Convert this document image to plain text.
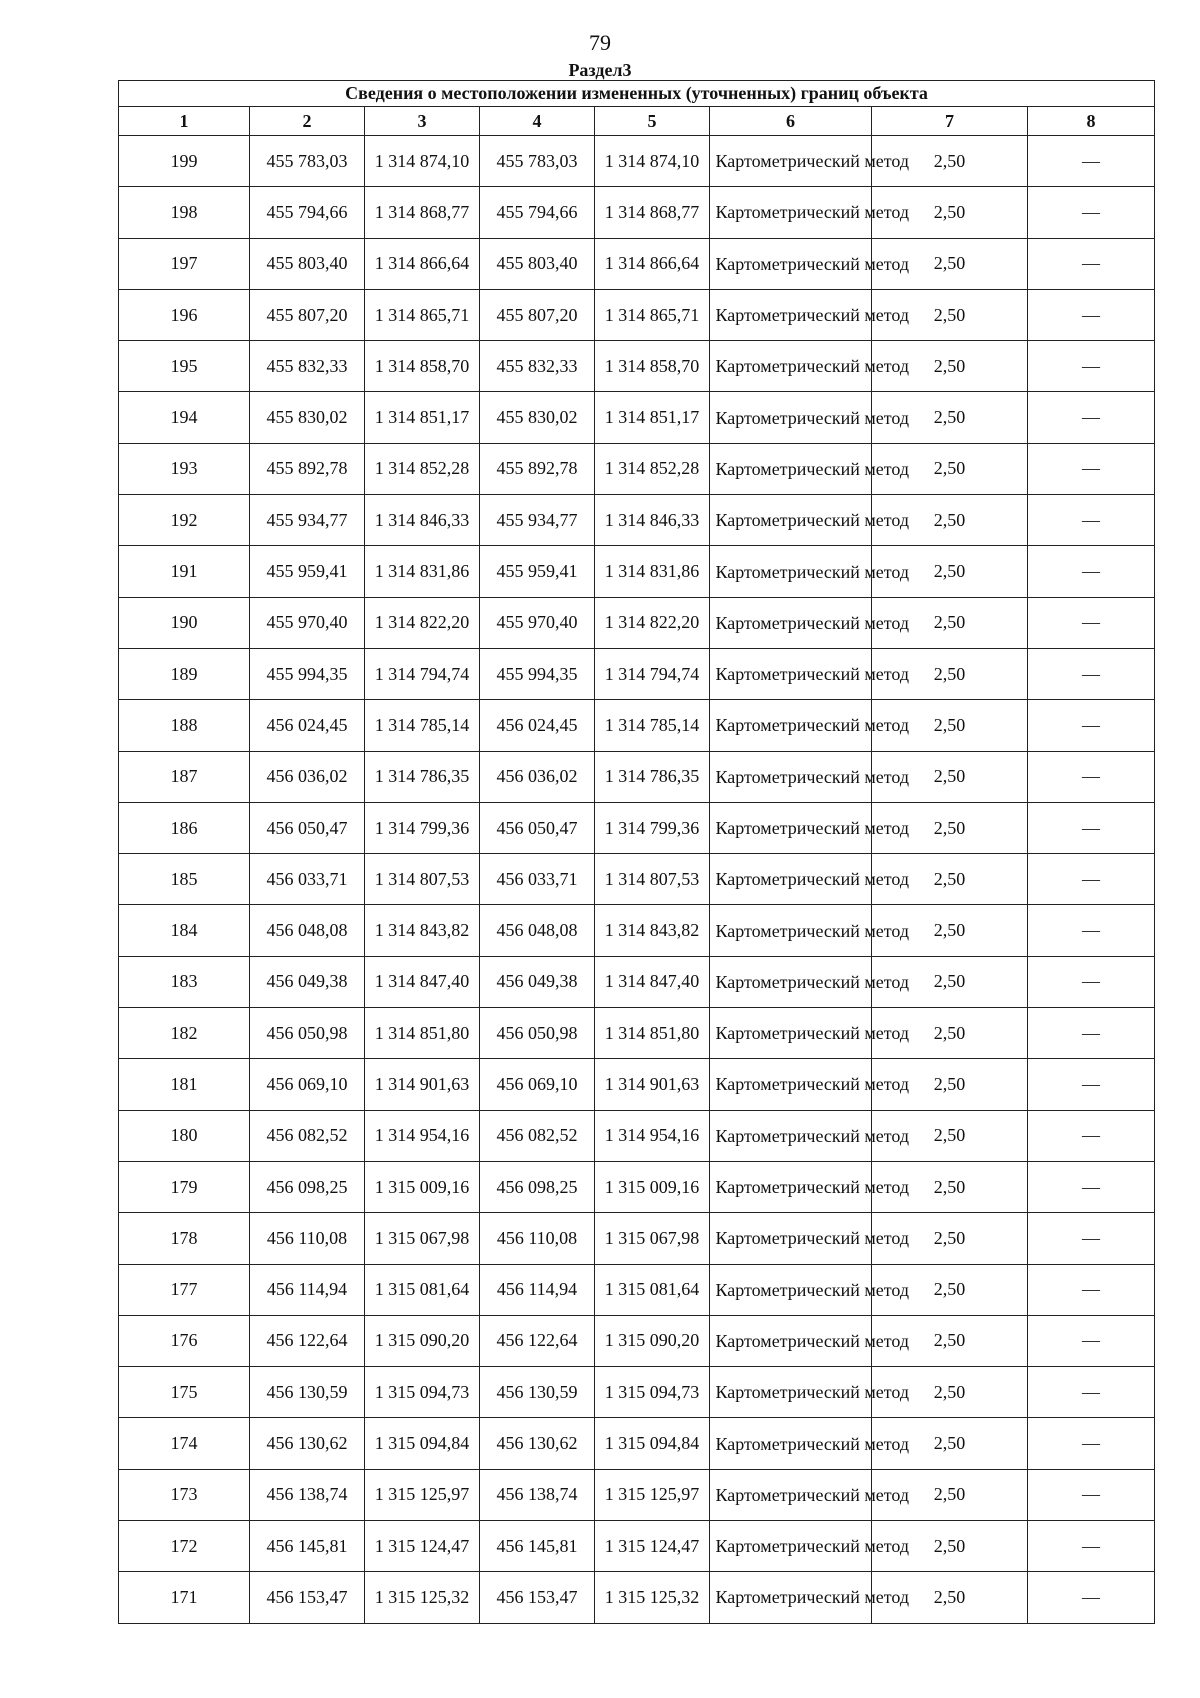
79
Раздел3
Сведения о местоположении измененных (уточненных) границ объекта							
1	2	3	4	5	6	7	8
199	455 783,03	1 314 874,10	455 783,03	1 314 874,10	Картометрический метод	2,50	—
198	455 794,66	1 314 868,77	455 794,66	1 314 868,77	Картометрический метод	2,50	—
197	455 803,40	1 314 866,64	455 803,40	1 314 866,64	Картометрический метод	2,50	—
196	455 807,20	1 314 865,71	455 807,20	1 314 865,71	Картометрический метод	2,50	—
195	455 832,33	1 314 858,70	455 832,33	1 314 858,70	Картометрический метод	2,50	—
194	455 830,02	1 314 851,17	455 830,02	1 314 851,17	Картометрический метод	2,50	—
193	455 892,78	1 314 852,28	455 892,78	1 314 852,28	Картометрический метод	2,50	—
192	455 934,77	1 314 846,33	455 934,77	1 314 846,33	Картометрический метод	2,50	—
191	455 959,41	1 314 831,86	455 959,41	1 314 831,86	Картометрический метод	2,50	—
190	455 970,40	1 314 822,20	455 970,40	1 314 822,20	Картометрический метод	2,50	—
189	455 994,35	1 314 794,74	455 994,35	1 314 794,74	Картометрический метод	2,50	—
188	456 024,45	1 314 785,14	456 024,45	1 314 785,14	Картометрический метод	2,50	—
187	456 036,02	1 314 786,35	456 036,02	1 314 786,35	Картометрический метод	2,50	—
186	456 050,47	1 314 799,36	456 050,47	1 314 799,36	Картометрический метод	2,50	—
185	456 033,71	1 314 807,53	456 033,71	1 314 807,53	Картометрический метод	2,50	—
184	456 048,08	1 314 843,82	456 048,08	1 314 843,82	Картометрический метод	2,50	—
183	456 049,38	1 314 847,40	456 049,38	1 314 847,40	Картометрический метод	2,50	—
182	456 050,98	1 314 851,80	456 050,98	1 314 851,80	Картометрический метод	2,50	—
181	456 069,10	1 314 901,63	456 069,10	1 314 901,63	Картометрический метод	2,50	—
180	456 082,52	1 314 954,16	456 082,52	1 314 954,16	Картометрический метод	2,50	—
179	456 098,25	1 315 009,16	456 098,25	1 315 009,16	Картометрический метод	2,50	—
178	456 110,08	1 315 067,98	456 110,08	1 315 067,98	Картометрический метод	2,50	—
177	456 114,94	1 315 081,64	456 114,94	1 315 081,64	Картометрический метод	2,50	—
176	456 122,64	1 315 090,20	456 122,64	1 315 090,20	Картометрический метод	2,50	—
175	456 130,59	1 315 094,73	456 130,59	1 315 094,73	Картометрический метод	2,50	—
174	456 130,62	1 315 094,84	456 130,62	1 315 094,84	Картометрический метод	2,50	—
173	456 138,74	1 315 125,97	456 138,74	1 315 125,97	Картометрический метод	2,50	—
172	456 145,81	1 315 124,47	456 145,81	1 315 124,47	Картометрический метод	2,50	—
171	456 153,47	1 315 125,32	456 153,47	1 315 125,32	Картометрический метод	2,50	—
